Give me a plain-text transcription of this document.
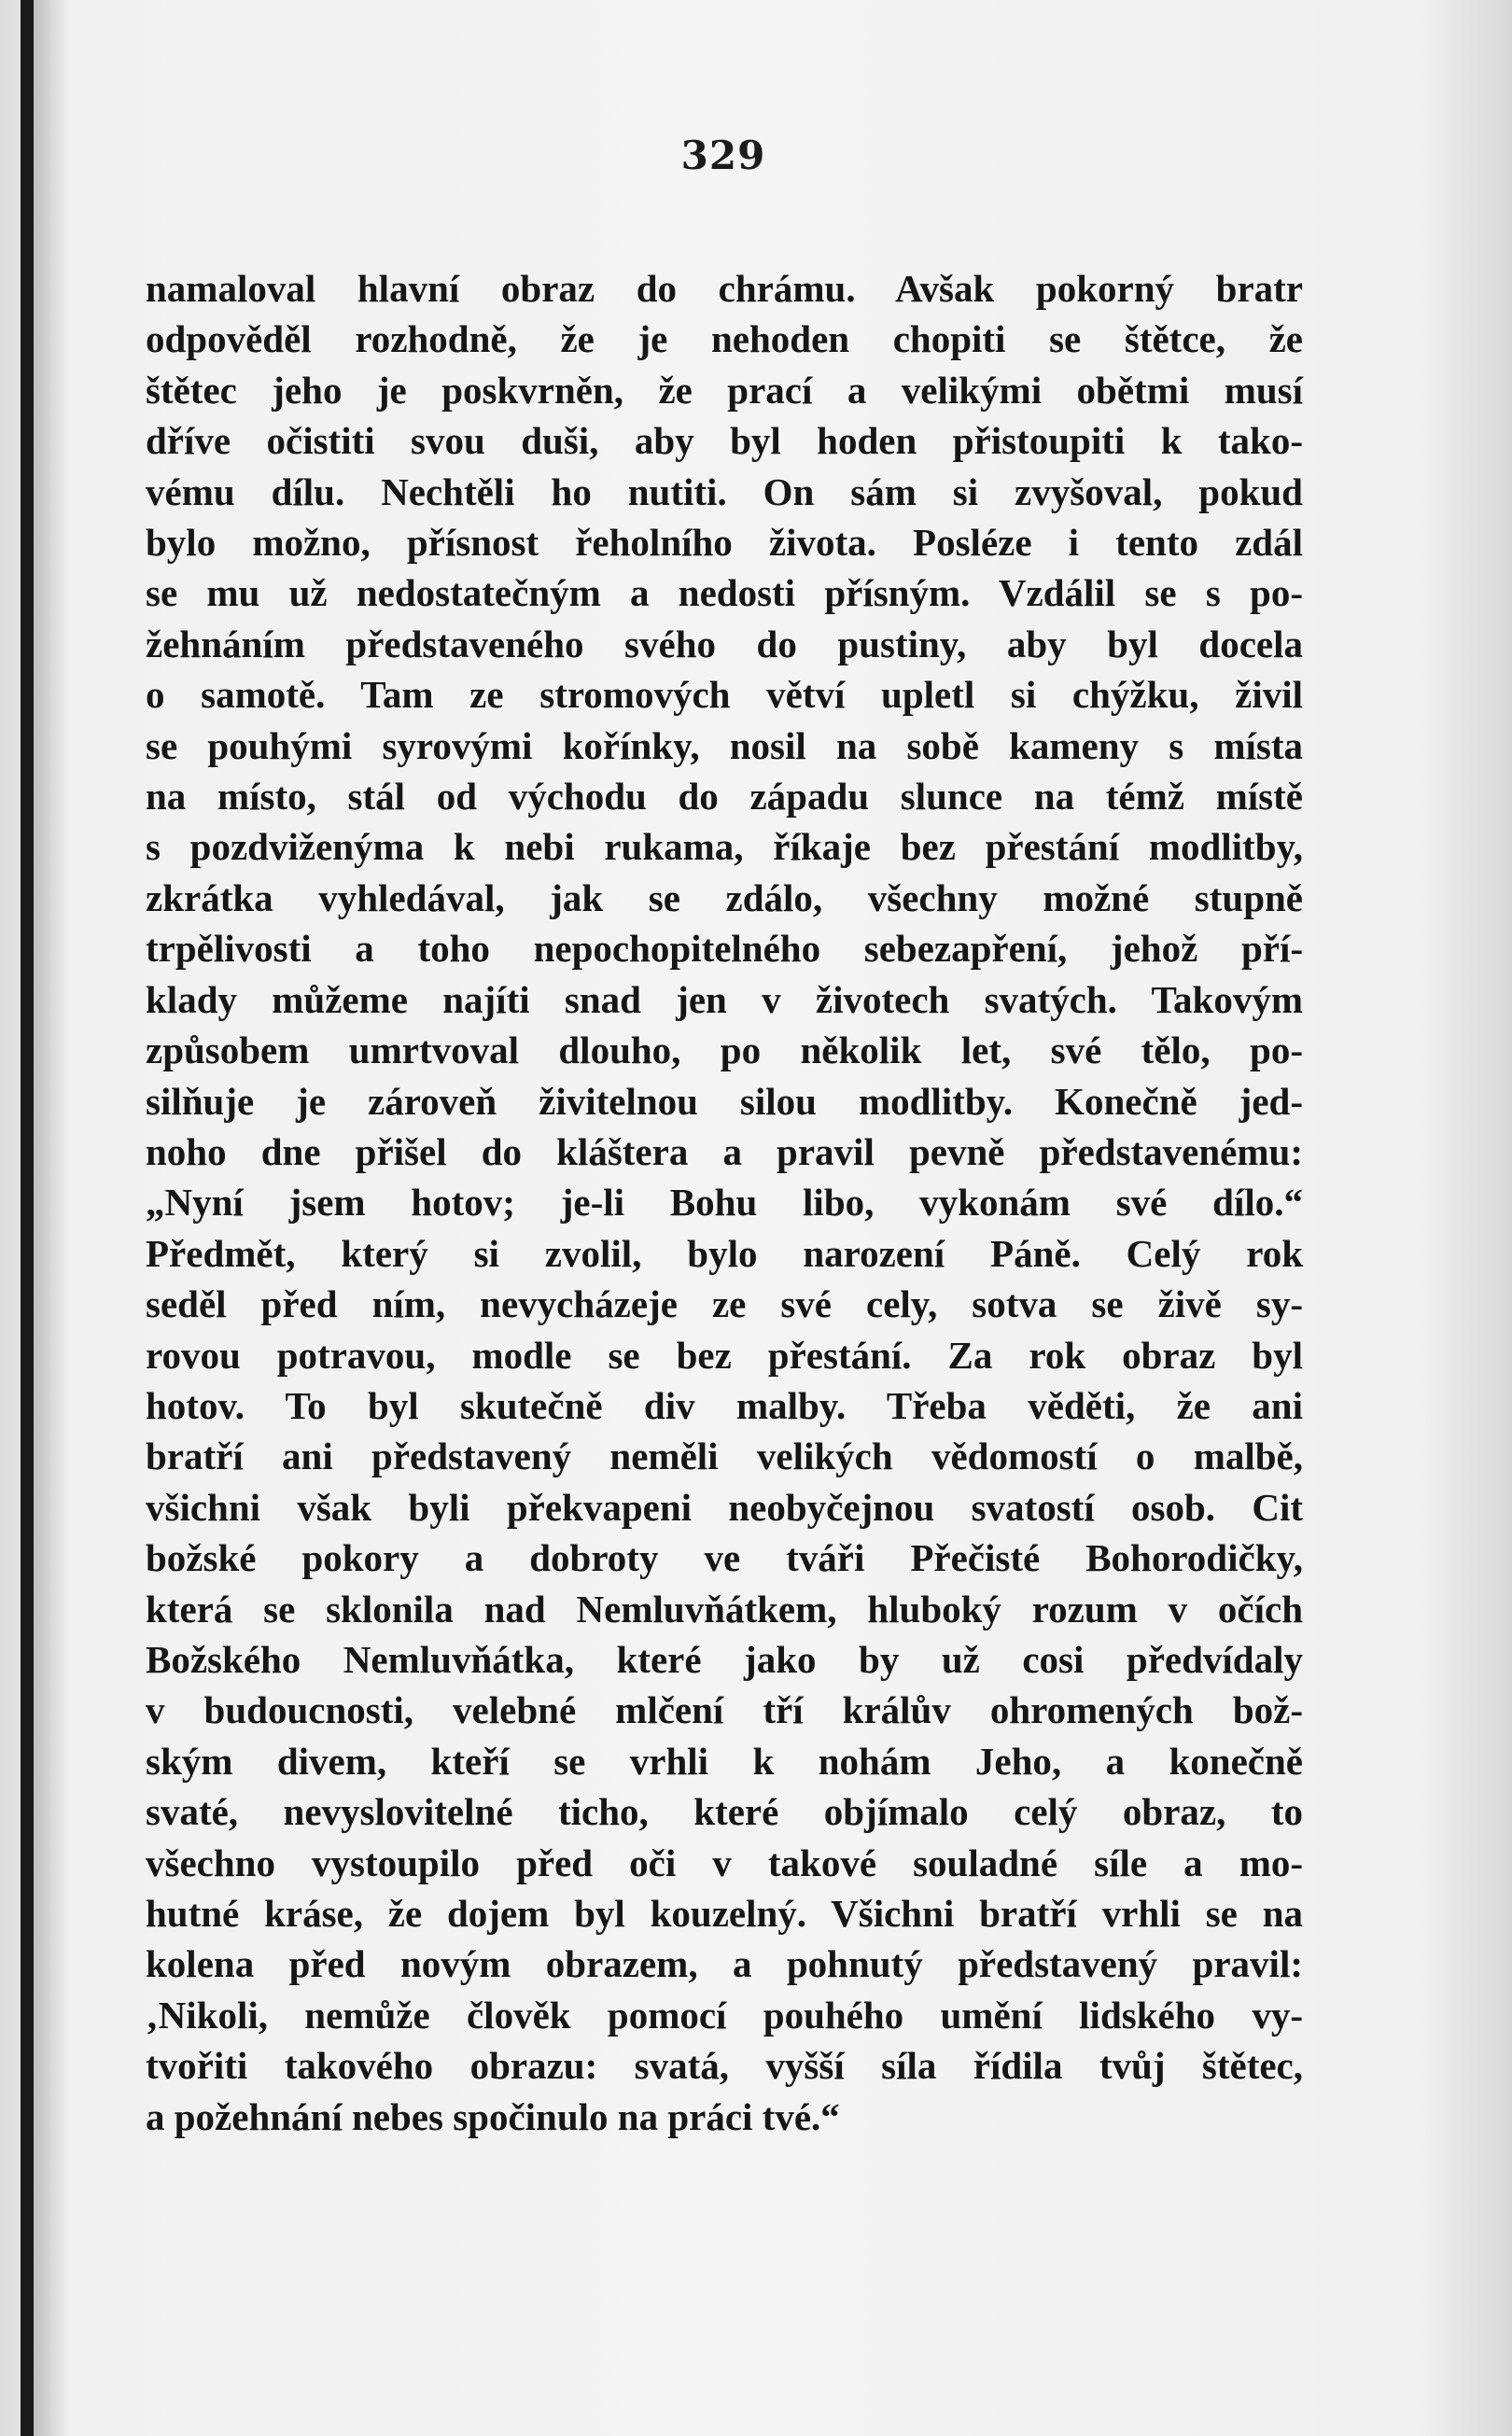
329
namaloval hlavní obraz do chrámu. Avšak pokorný bratr
odpověděl rozhodně, že je nehoden chopiti se štětce, že
štětec jeho je poskvrněn, že prací a velikými obětmi musí
dříve očistiti svou duši, aby byl hoden přistoupiti k tako-
vému dílu. Nechtěli ho nutiti. On sám si zvyšoval, pokud
bylo možno, přísnost řeholního života. Posléze i tento zdál
se mu už nedostatečným a nedosti přísným. Vzdálil se s po-
žehnáním představeného svého do pustiny, aby byl docela
o samotě. Tam ze stromových větví upletl si chýžku, živil
se pouhými syrovými kořínky, nosil na sobě kameny s místa
na místo, stál od východu do západu slunce na témž místě
s pozdviženýma k nebi rukama, říkaje bez přestání modlitby,
zkrátka vyhledával, jak se zdálo, všechny možné stupně
trpělivosti a toho nepochopitelného sebezapření, jehož pří-
klady můžeme najíti snad jen v životech svatých. Takovým
způsobem umrtvoval dlouho, po několik let, své tělo, po-
silňuje je zároveň živitelnou silou modlitby. Konečně jed-
noho dne přišel do kláštera a pravil pevně představenému:
„Nyní jsem hotov; je-li Bohu libo, vykonám své dílo.“
Předmět, který si zvolil, bylo narození Páně. Celý rok
seděl před ním, nevycházeje ze své cely, sotva se živě sy-
rovou potravou, modle se bez přestání. Za rok obraz byl
hotov. To byl skutečně div malby. Třeba věděti, že ani
bratří ani představený neměli velikých vědomostí o malbě,
všichni však byli překvapeni neobyčejnou svatostí osob. Cit
božské pokory a dobroty ve tváři Přečisté Bohorodičky,
která se sklonila nad Nemluvňátkem, hluboký rozum v očích
Božského Nemluvňátka, které jako by už cosi předvídaly
v budoucnosti, velebné mlčení tří králův ohromených bož-
ským divem, kteří se vrhli k nohám Jeho, a konečně
svaté, nevyslovitelné ticho, které objímalo celý obraz, to
všechno vystoupilo před oči v takové souladné síle a mo-
hutné kráse, že dojem byl kouzelný. Všichni bratří vrhli se na
kolena před novým obrazem, a pohnutý představený pravil:
‚Nikoli, nemůže člověk pomocí pouhého umění lidského vy-
tvořiti takového obrazu: svatá, vyšší síla řídila tvůj štětec,
a požehnání nebes spočinulo na práci tvé.“
